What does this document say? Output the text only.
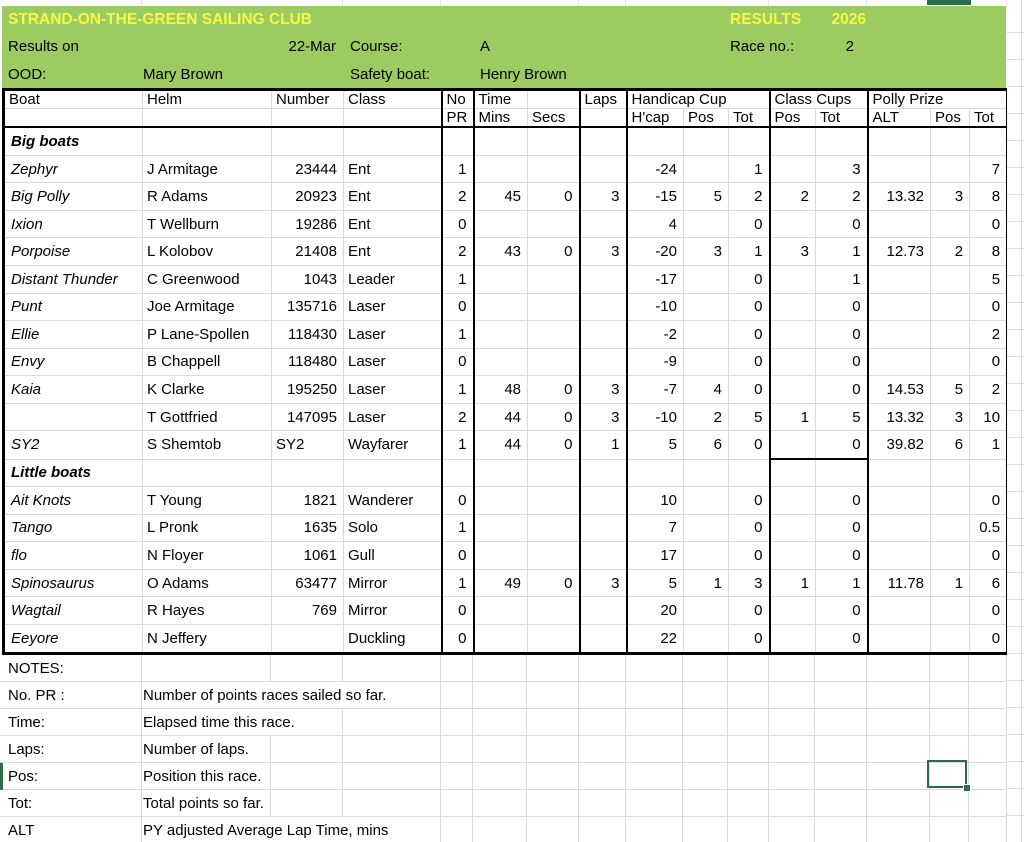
STRAND-ON-THE-GREEN SAILING CLUB	RESULTS	2026
Results on	22-Mar Course:	A	Race no.:	2
OOD:	Mary Brown	Safety boat:	Henry Brown
Boat	Helm	Number	Class	No	Time		Laps	Handicap Cup			Class Cups		Polly Prize		
				PR	Mins	Secs		H'cap	Pos	Tot	Pos	Tot	ALT	Pos	Tot
Big boats															
Zephyr	J Armitage	23444	Ent	1				-24		1		3			7
Big Polly	R Adams	20923	Ent	2	45	0	3	-15	5	2	2	2	13.32	3	8
Ixion	T Wellburn	19286	Ent	0				4		0		0			0
Porpoise	L Kolobov	21408	Ent	2	43	0	3	-20	3	1	3	1	12.73	2	8
Distant Thunder	C Greenwood	1043	Leader	1				-17		0		1			5
Punt	Joe Armitage	135716	Laser	0				-10		0		0			0
Ellie	P Lane-Spollen	118430	Laser	1				-2		0		0			2
Envy	B Chappell	118480	Laser	0				-9		0		0			0
Kaia	K Clarke	195250	Laser	1	48	0	3	-7	4	0		0	14.53	5	2
	T Gottfried	147095	Laser	2	44	0	3	-10	2	5	1	5	13.32	3	10
SY2	S Shemtob	SY2	Wayfarer	1	44	0	1	5	6	0		0	39.82	6	1
Little boats															
Ait Knots	T Young	1821	Wanderer	0				10		0		0			0
Tango	L Pronk	1635	Solo	1				7		0		0			0.5
flo	N Floyer	1061	Gull	0				17		0		0			0
Spinosaurus	O Adams	63477	Mirror	1	49	0	3	5	1	3	1	1	11.78	1	6
Wagtail	R Hayes	769	Mirror	0				20		0		0			0
Eeyore	N Jeffery		Duckling	0				22		0		0			0
NOTES:
No. PR :	Number of points races sailed so far.
Time:	Elapsed time this race.
Laps:	Number of laps.
Pos:	Position this race.
Tot:	Total points so far.
ALT	PY adjusted Average Lap Time, mins
